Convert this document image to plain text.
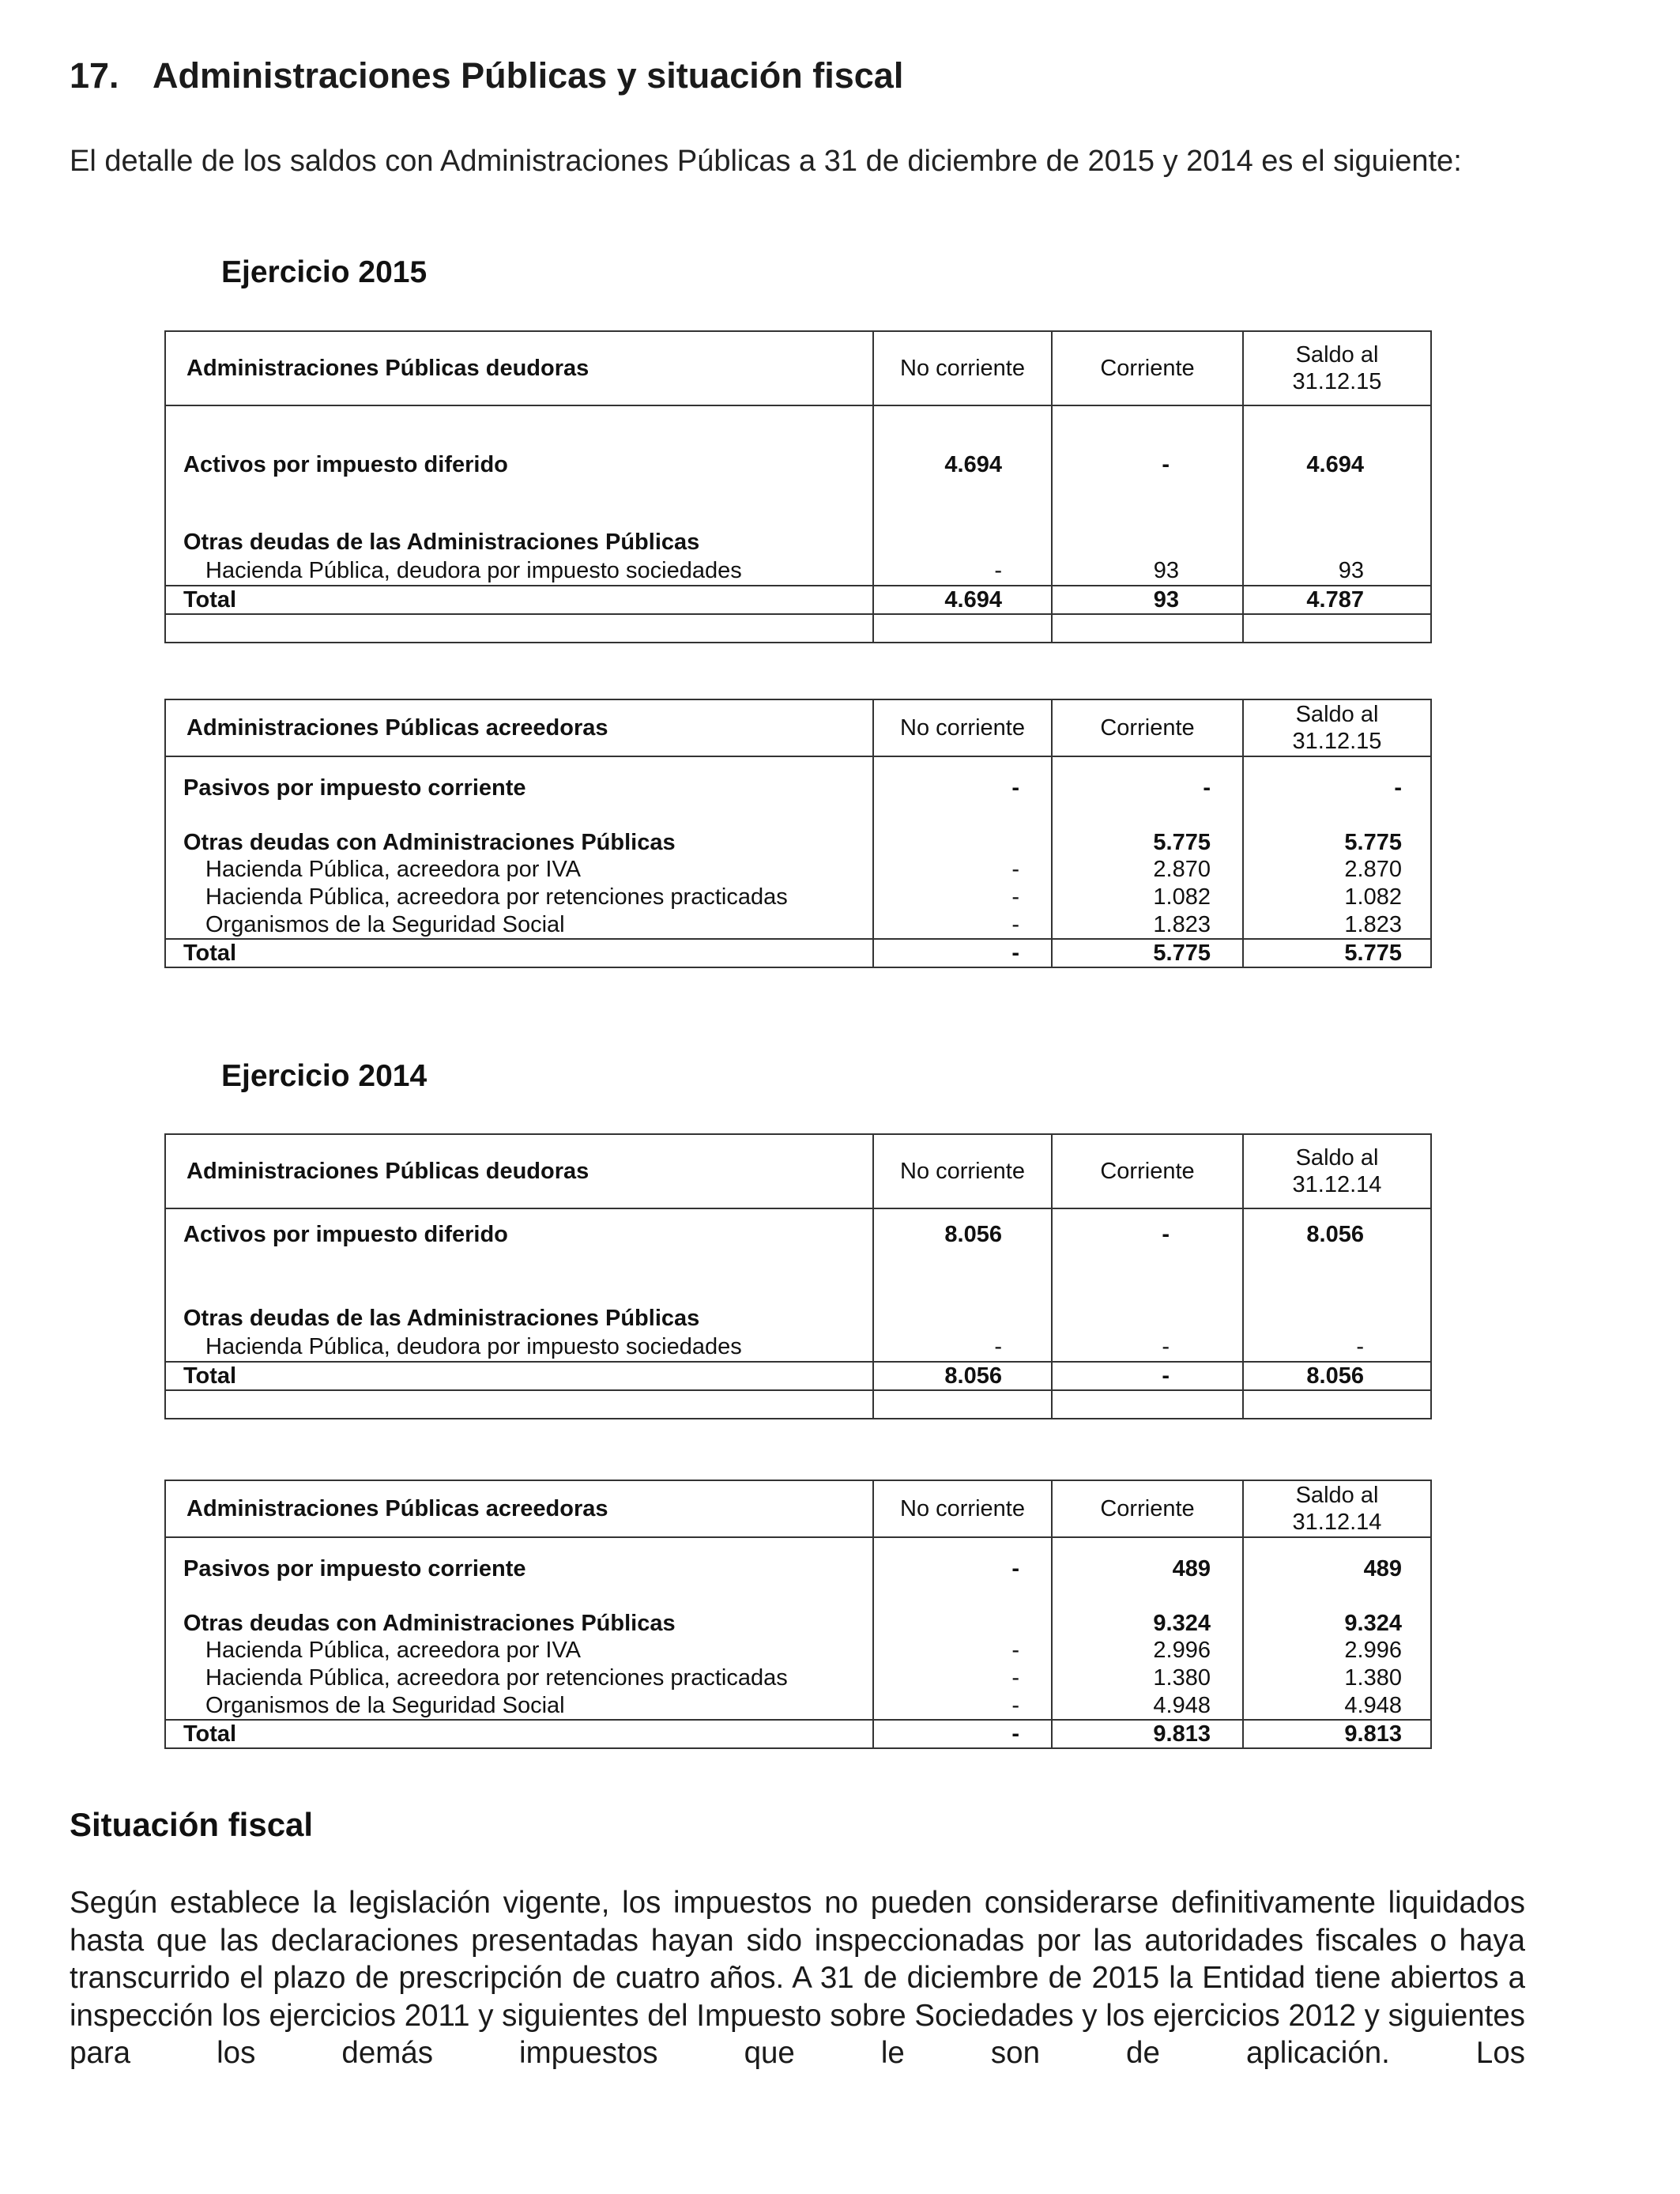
17. Administraciones Públicas y situación fiscal

El detalle de los saldos con Administraciones Públicas a 31 de diciembre de 2015 y 2014 es el siguiente:

Ejercicio 2015
Administraciones Públicas deudoras	No corriente	Corriente	Saldo al
31.12.15
Activos por impuesto diferido	4.694	-	4.694
Otras deudas de las Administraciones Públicas			
Hacienda Pública, deudora por impuesto sociedades	-	93	93
Total	4.694	93	4.787

Administraciones Públicas acreedoras	No corriente	Corriente	Saldo al
31.12.15
Pasivos por impuesto corriente	-	-	-
Otras deudas con Administraciones Públicas		5.775	5.775
Hacienda Pública, acreedora por IVA	-	2.870	2.870
Hacienda Pública, acreedora por retenciones practicadas	-	1.082	1.082
Organismos de la Seguridad Social	-	1.823	1.823
Total	-	5.775	5.775
Ejercicio 2014
Administraciones Públicas deudoras	No corriente	Corriente	Saldo al
31.12.14
Activos por impuesto diferido	8.056	-	8.056
Otras deudas de las Administraciones Públicas			
Hacienda Pública, deudora por impuesto sociedades	-	-	-
Total	8.056	-	8.056

Administraciones Públicas acreedoras	No corriente	Corriente	Saldo al
31.12.14
Pasivos por impuesto corriente	-	489	489
Otras deudas con Administraciones Públicas		9.324	9.324
Hacienda Pública, acreedora por IVA	-	2.996	2.996
Hacienda Pública, acreedora por retenciones practicadas	-	1.380	1.380
Organismos de la Seguridad Social	-	4.948	4.948
Total	-	9.813	9.813
Situación fiscal

Según establece la legislación vigente, los impuestos no pueden considerarse definitivamente liquidados hasta que las declaraciones presentadas hayan sido inspeccionadas por las autoridades fiscales o haya transcurrido el plazo de prescripción de cuatro años. A 31 de diciembre de 2015 la Entidad tiene abiertos a inspección los ejercicios 2011 y siguientes del Impuesto sobre Sociedades y los ejercicios 2012 y siguientes para los demás impuestos que le son de aplicación. Los
